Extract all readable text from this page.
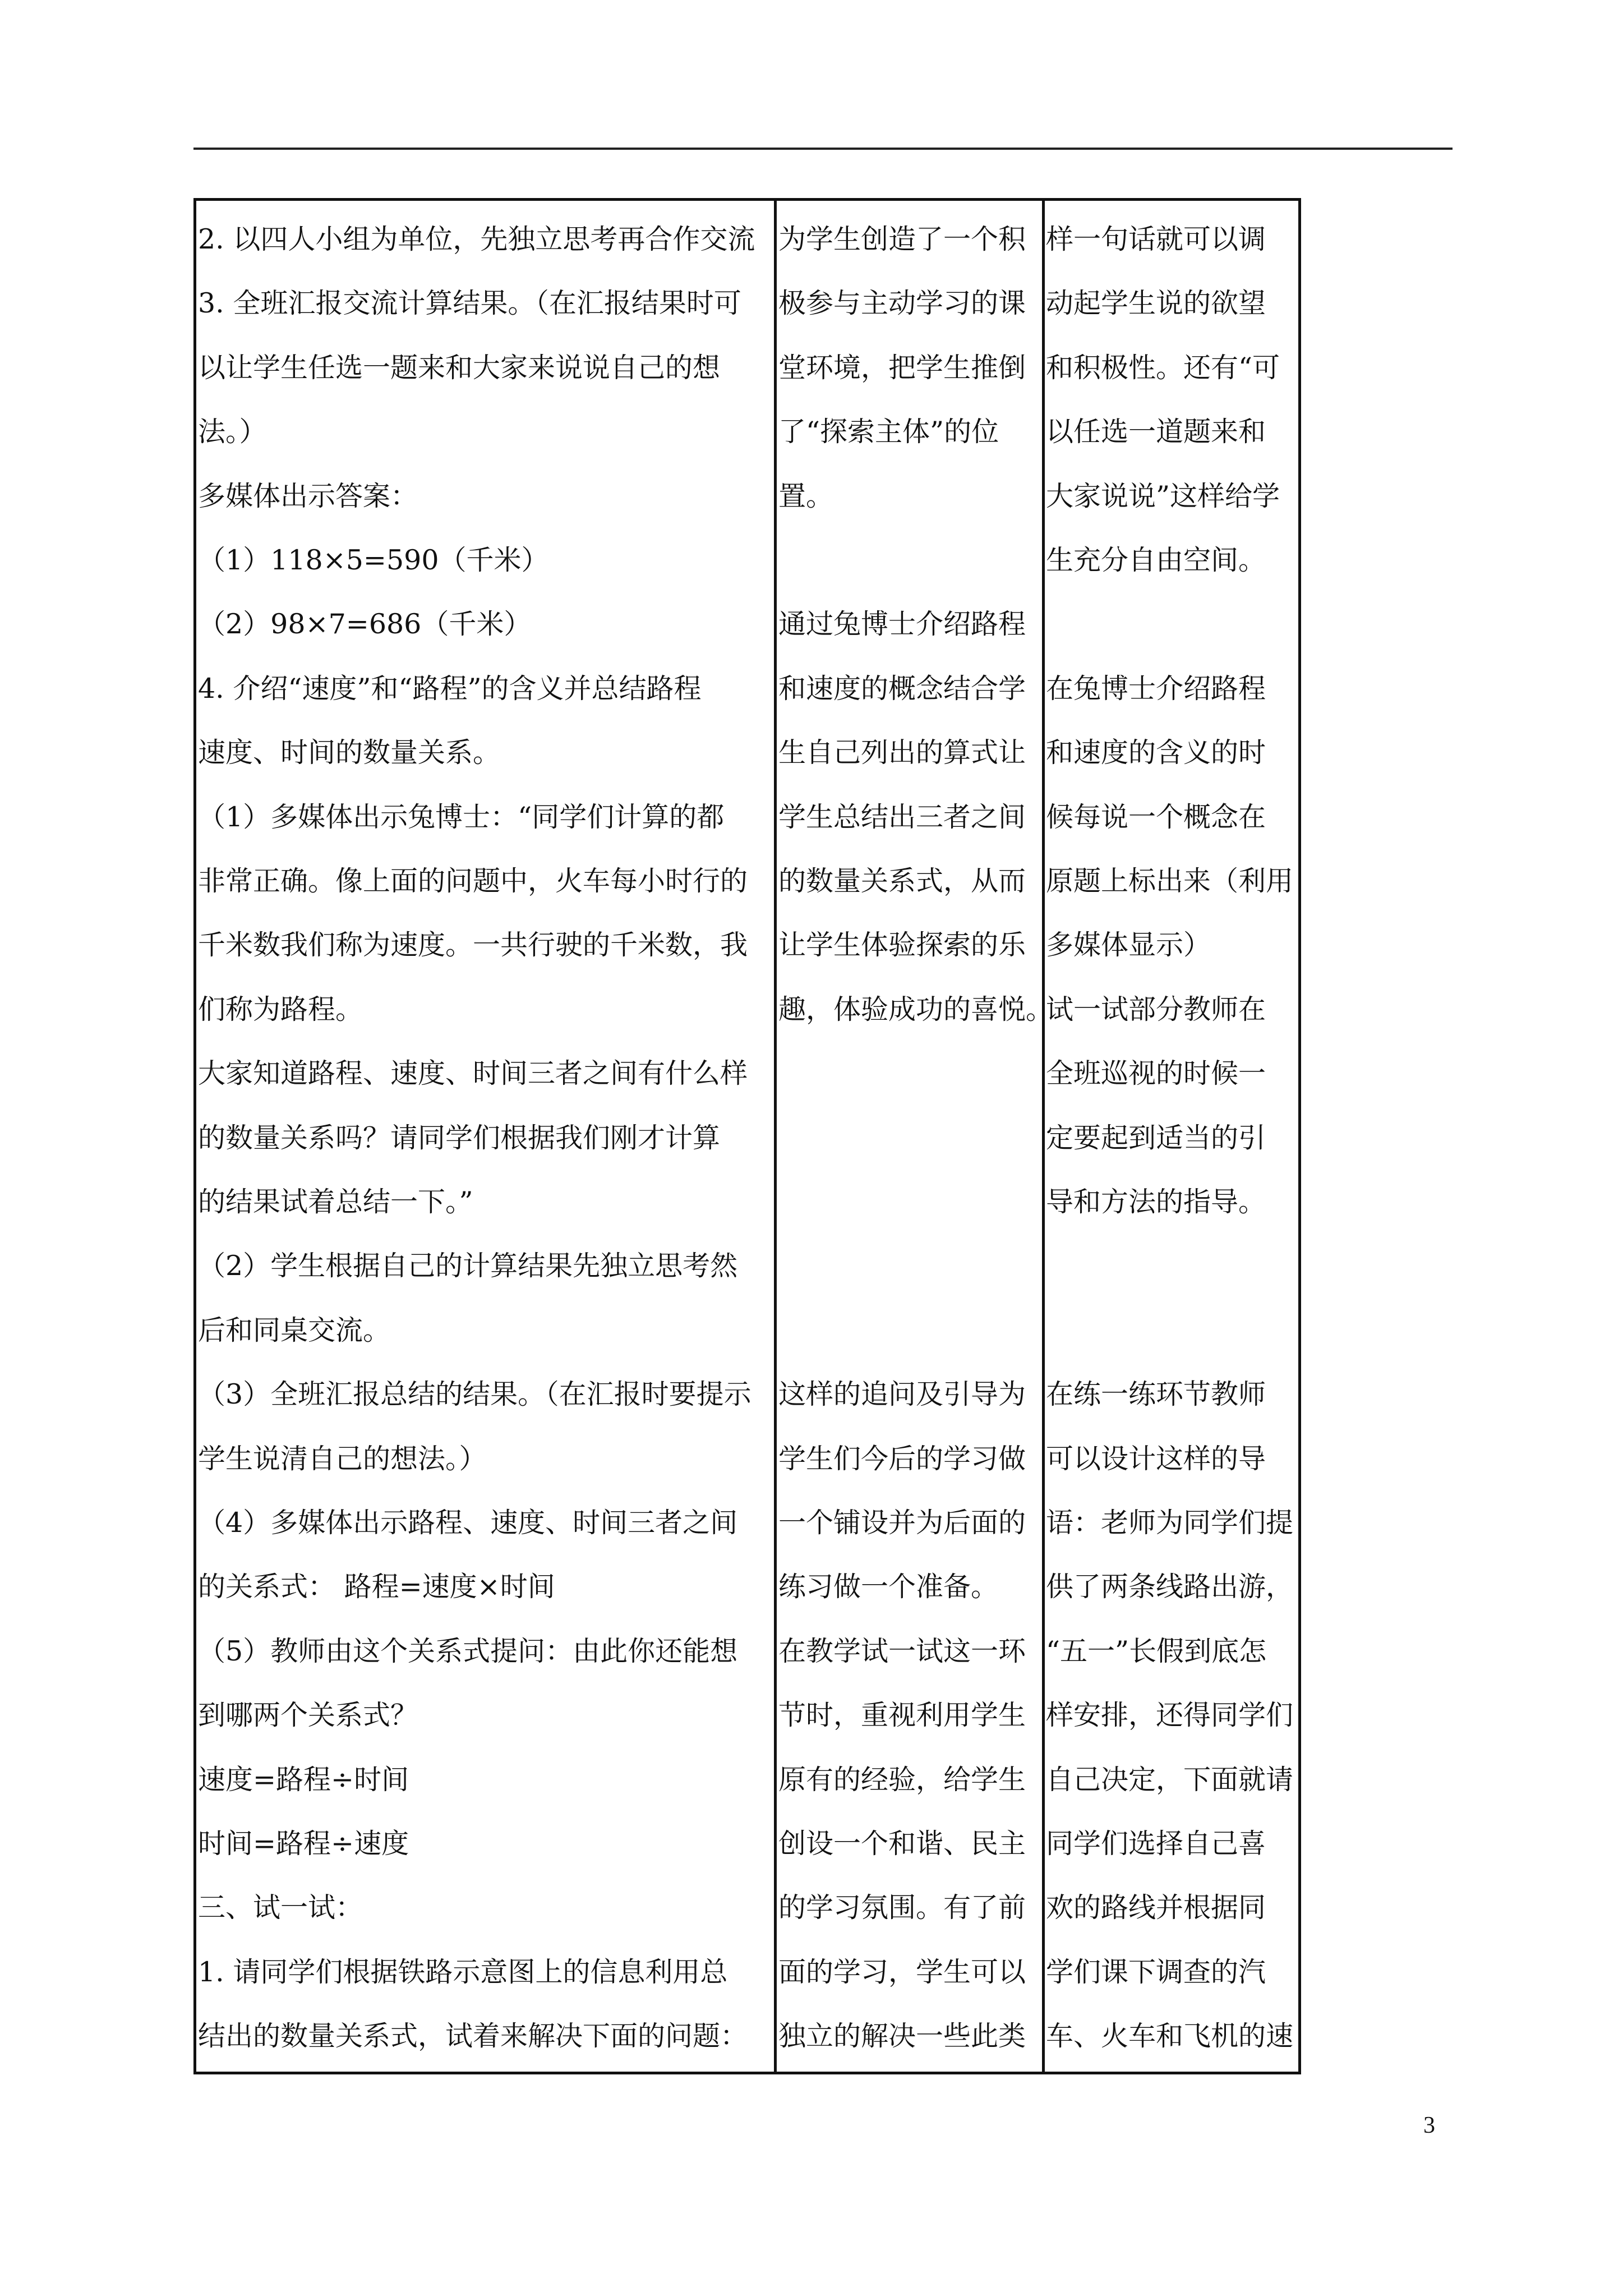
2. 以四人小组为单位，先独立思考再合作交流
3. 全班汇报交流计算结果。（在汇报结果时可
以让学生任选一题来和大家来说说自己的想
法。）
多媒体出示答案：
（1）118×5=590（千米）
（2）98×7=686（千米）
4. 介绍“速度”和“路程”的含义并总结路程
速度、时间的数量关系。
（1）多媒体出示兔博士：“同学们计算的都
非常正确。像上面的问题中，火车每小时行的
千米数我们称为速度。一共行驶的千米数，我
们称为路程。
大家知道路程、速度、时间三者之间有什么样
的数量关系吗？请同学们根据我们刚才计算
的结果试着总结一下。”
（2）学生根据自己的计算结果先独立思考然
后和同桌交流。
（3）全班汇报总结的结果。（在汇报时要提示
学生说清自己的想法。）
（4）多媒体出示路程、速度、时间三者之间
的关系式： 路程=速度×时间
（5）教师由这个关系式提问：由此你还能想
到哪两个关系式？
速度=路程÷时间
时间=路程÷速度
三、试一试：
1. 请同学们根据铁路示意图上的信息利用总
结出的数量关系式，试着来解决下面的问题：
为学生创造了一个积
极参与主动学习的课
堂环境，把学生推倒
了“探索主体”的位
置。
通过兔博士介绍路程
和速度的概念结合学
生自己列出的算式让
学生总结出三者之间
的数量关系式，从而
让学生体验探索的乐
趣，体验成功的喜悦。
这样的追问及引导为
学生们今后的学习做
一个铺设并为后面的
练习做一个准备。
在教学试一试这一环
节时，重视利用学生
原有的经验，给学生
创设一个和谐、民主
的学习氛围。有了前
面的学习，学生可以
独立的解决一些此类
样一句话就可以调
动起学生说的欲望
和积极性。还有“可
以任选一道题来和
大家说说”这样给学
生充分自由空间。
在兔博士介绍路程
和速度的含义的时
候每说一个概念在
原题上标出来（利用
多媒体显示）
试一试部分教师在
全班巡视的时候一
定要起到适当的引
导和方法的指导。
在练一练环节教师
可以设计这样的导
语：老师为同学们提
供了两条线路出游，
“五一”长假到底怎
样安排，还得同学们
自己决定，下面就请
同学们选择自己喜
欢的路线并根据同
学们课下调查的汽
车、火车和飞机的速
3
